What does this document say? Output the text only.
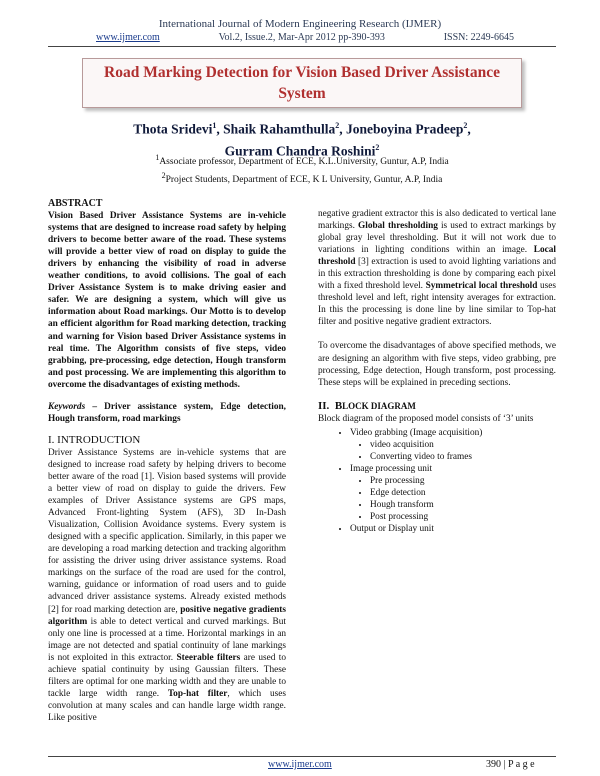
International Journal of Modern Engineering Research (IJMER)
www.ijmer.com	Vol.2, Issue.2, Mar-Apr 2012 pp-390-393	ISSN: 2249-6645
Road Marking Detection for Vision Based Driver Assistance
System
Thota Sridevi$^1$, Shaik Rahamthulla$^2$, Joneboyina Pradeep$^2$,
Gurram Chandra Roshini$^2$
$^1$Associate professor, Department of ECE, K.L.University, Guntur, A.P, India
$^2$Project Students, Department of ECE, K L University, Guntur, A.P, India

ABSTRACT

Vision Based Driver Assistance Systems are in-vehicle systems that are designed to increase road safety by helping drivers to become better aware of the road. These systems will provide a better view of road on display to guide the drivers by enhancing the visibility of road in adverse weather conditions, to avoid collisions. The goal of each Driver Assistance System is to make driving easier and safer. We are designing a system, which will give us information about Road markings. Our Motto is to develop an efficient algorithm for Road marking detection, tracking and warning for Vision based Driver Assistance systems in real time. The Algorithm consists of five steps, video grabbing, pre-processing, edge detection, Hough transform and post processing. We are implementing this algorithm to overcome the disadvantages of existing methods.

Keywords – Driver assistance system, Edge detection, Hough transform, road markings

I. INTRODUCTION

Driver Assistance Systems are in-vehicle systems that are designed to increase road safety by helping drivers to become better aware of the road [1]. Vision based systems will provide a better view of road on display to guide the drivers. Few examples of Driver Assistance systems are GPS maps, Advanced Front-lighting System (AFS), 3D In-Dash Visualization, Collision Avoidance systems. Every system is designed with a specific application. Similarly, in this paper we are developing a road marking detection and tracking algorithm for assisting the driver using driver assistance systems. Road markings on the surface of the road are used for the control, warning, guidance or information of road users and to guide advanced driver assistance systems. Already existed methods [2] for road marking detection are, positive negative gradients algorithm is able to detect vertical and curved markings. But only one line is processed at a time. Horizontal markings in an image are not detected and spatial continuity of lane markings is not exploited in this extractor. Steerable filters are used to achieve spatial continuity by using Gaussian filters. These filters are optimal for one marking width and they are unable to tackle large width range. Top-hat filter, which uses convolution at many scales and can handle large width range. Like positive

negative gradient extractor this is also dedicated to vertical lane markings. Global thresholding is used to extract markings by global gray level thresholding. But it will not work due to variations in lighting conditions within an image. Local threshold [3] extraction is used to avoid lighting variations and in this extraction thresholding is done by comparing each pixel with a fixed threshold level. Symmetrical local threshold uses threshold level and left, right intensity averages for extraction. In this the processing is done line by line similar to Top-hat filter and positive negative gradient extractors.

To overcome the disadvantages of above specified methods, we are designing an algorithm with five steps, video grabbing, pre processing, Edge detection, Hough transform, post processing. These steps will be explained in preceding sections.

II. BLOCK DIAGRAM

Block diagram of the proposed model consists of ‘3’ units

• Video grabbing (Image acquisition)
• video acquisition
• Converting video to frames
• Image processing unit
• Pre processing
• Edge detection
• Hough transform
• Post processing
• Output or Display unit
www.ijmer.com	390 | P a g e
